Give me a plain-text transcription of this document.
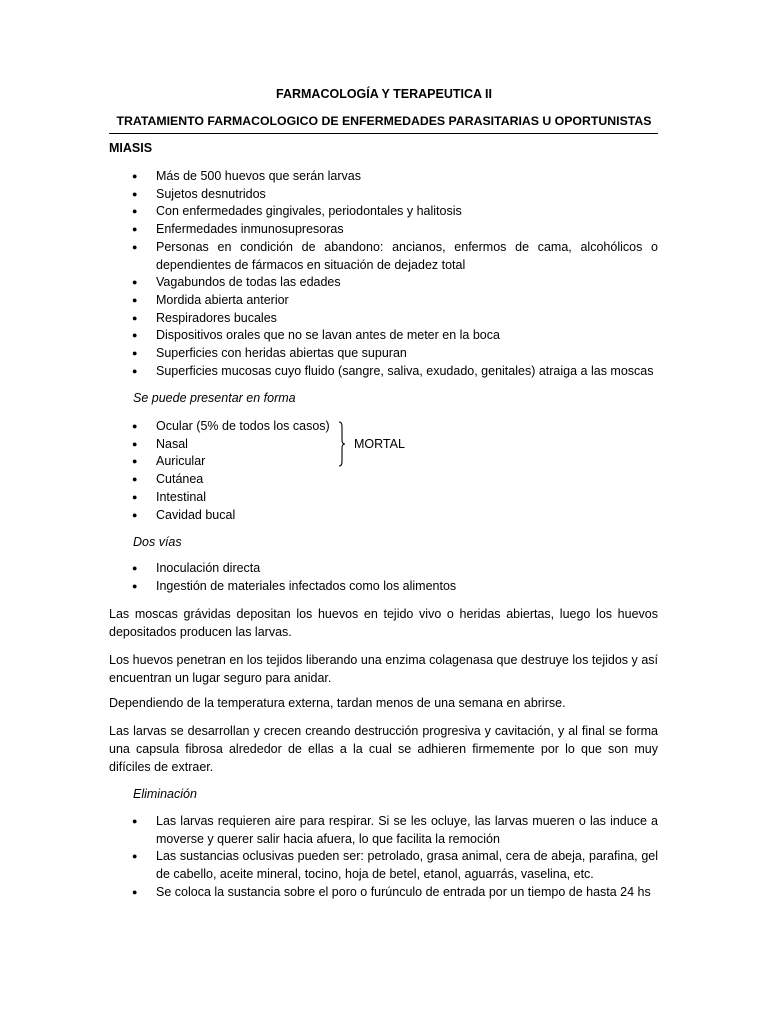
FARMACOLOGÍA Y TERAPEUTICA II
TRATAMIENTO FARMACOLOGICO DE ENFERMEDADES PARASITARIAS U OPORTUNISTAS
MIASIS
● Más de 500 huevos que serán larvas
● Sujetos desnutridos
● Con enfermedades gingivales, periodontales y halitosis
● Enfermedades inmunosupresoras
● Personas en condición de abandono: ancianos, enfermos de cama, alcohólicos o dependientes de fármacos en situación de dejadez total
● Vagabundos de todas las edades
● Mordida abierta anterior
● Respiradores bucales
● Dispositivos orales que no se lavan antes de meter en la boca
● Superficies con heridas abiertas que supuran
● Superficies mucosas cuyo fluido (sangre, saliva, exudado, genitales) atraiga a las moscas
Se puede presentar en forma
● Ocular (5% de todos los casos)
● Nasal
● Auricular
● Cutánea
● Intestinal
● Cavidad bucal
MORTAL
Dos vías
● Inoculación directa
● Ingestión de materiales infectados como los alimentos

Las moscas grávidas depositan los huevos en tejido vivo o heridas abiertas, luego los huevos depositados producen las larvas.

Los huevos penetran en los tejidos liberando una enzima colagenasa que destruye los tejidos y así encuentran un lugar seguro para anidar.

Dependiendo de la temperatura externa, tardan menos de una semana en abrirse.

Las larvas se desarrollan y crecen creando destrucción progresiva y cavitación, y al final se forma una capsula fibrosa alrededor de ellas a la cual se adhieren firmemente por lo que son muy difíciles de extraer.

Eliminación
● Las larvas requieren aire para respirar. Si se les ocluye, las larvas mueren o las induce a moverse y querer salir hacia afuera, lo que facilita la remoción
● Las sustancias oclusivas pueden ser: petrolado, grasa animal, cera de abeja, parafina, gel de cabello, aceite mineral, tocino, hoja de betel, etanol, aguarrás, vaselina, etc.
● Se coloca la sustancia sobre el poro o furúnculo de entrada por un tiempo de hasta 24 hs
